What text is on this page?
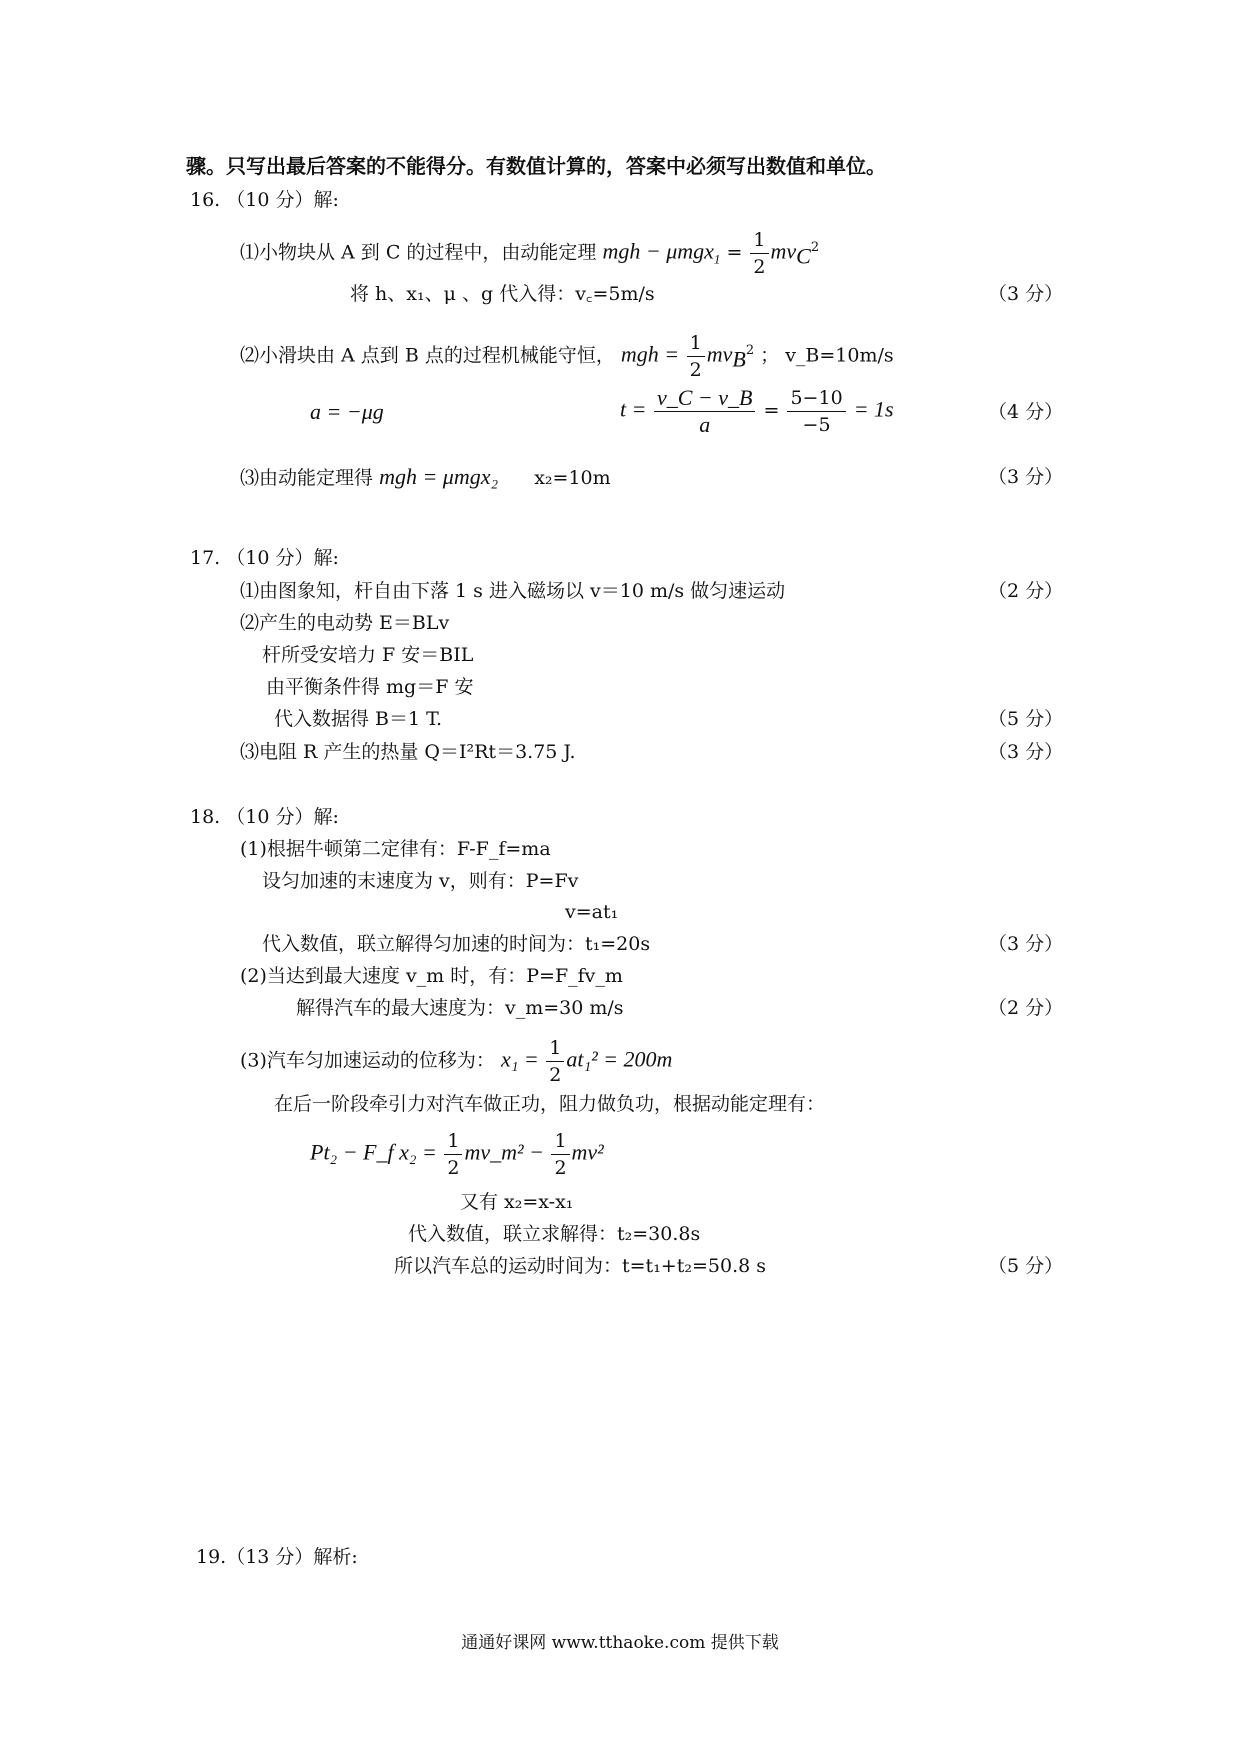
骤。只写出最后答案的不能得分。有数值计算的，答案中必须写出数值和单位。
16. （10 分）解:
⑴小物块从 A 到 C 的过程中，由动能定理 mgh − $\mu mgx_1 = \frac{1}{2} mv_C^2$
将 h、x₁、μ 、g 代入得：v꜀=5m/s	（3 分）
⑵小滑块由 A 点到 B 点的过程机械能守恒， mgh = $\frac{1}{2} mv_B^2$ ； v_B=10m/s
a = −μg	$t = \frac{v\_C - v\_B}{a} = \frac{5-10}{-5} = 1s$	（4 分）
⑶由动能定理得 mgh = μmgx₂ x₂=10m	（3 分）
17. （10 分）解:
⑴由图象知，杆自由下落 1 s 进入磁场以 v＝10 m/s 做匀速运动	（2 分）
⑵产生的电动势 E＝BLv
杆所受安培力 F 安＝BIL
由平衡条件得 mg＝F 安
代入数据得 B＝1 T.	（5 分）
⑶电阻 R 产生的热量 Q＝I²Rt＝3.75 J.	（3 分）
18. （10 分）解:
(1)根据牛顿第二定律有：F-F_f=ma
设匀加速的末速度为 v，则有：P=Fv
v=at₁
代入数值，联立解得匀加速的时间为：t₁=20s	（3 分）
(2)当达到最大速度 v_m 时，有：P=F_fv_m
解得汽车的最大速度为：v_m=30 m/s	（2 分）
(3)汽车匀加速运动的位移为： $x_1 = \frac{1}{2} at_1^2 = 200m$
在后一阶段牵引力对汽车做正功，阻力做负功，根据动能定理有：
Pt₂ − F_f $x_2 = \frac{1}{2}$ mv_m² − $\frac{1}{2} mv^2$
又有 x₂=x-x₁
代入数值，联立求解得：t₂=30.8s
所以汽车总的运动时间为：t=t₁+t₂=50.8 s	（5 分）
19.（13 分）解析:
通通好课网 www.tthaoke.com 提供下载
